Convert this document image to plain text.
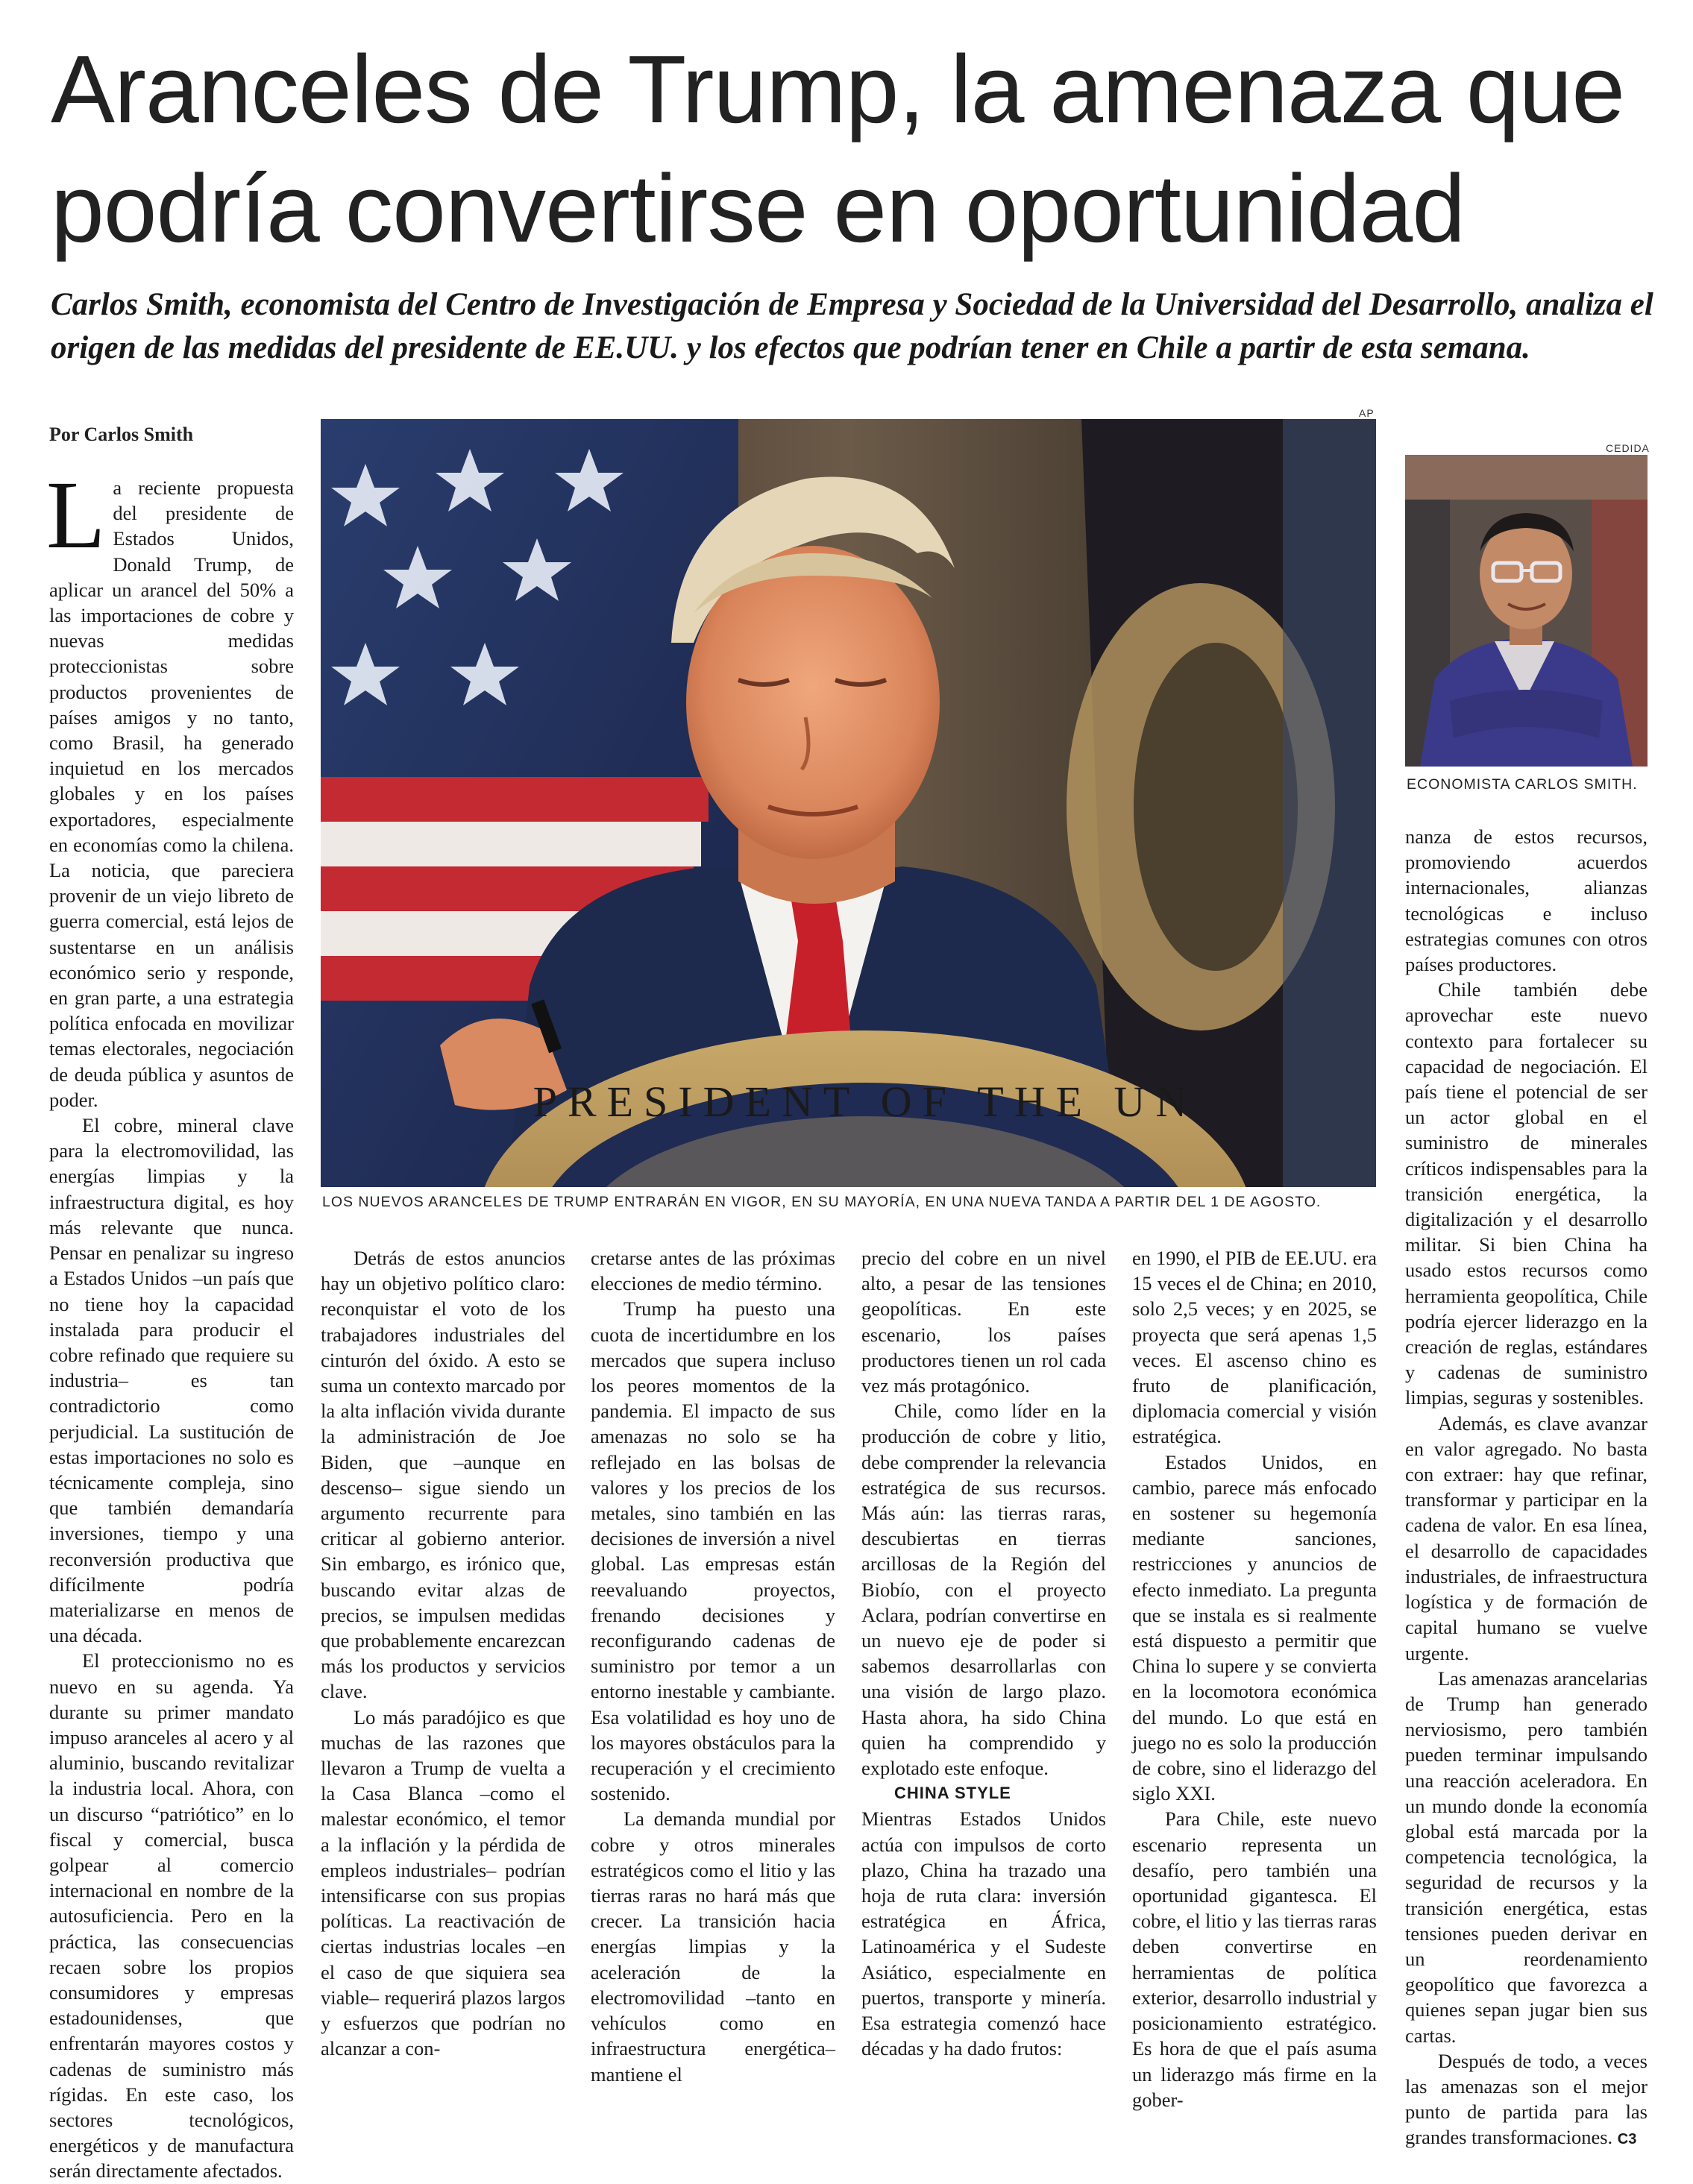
Aranceles de Trump, la amenaza que podría convertirse en oportunidad

Carlos Smith, economista del Centro de Investigación de Empresa y Sociedad de la Universidad del Desarrollo, analiza el origen de las medidas del presidente de EE.UU. y los efectos que podrían tener en Chile a partir de esta semana.

Por Carlos Smith

AP
PRESIDENT OF THE UN
LOS NUEVOS ARANCELES DE TRUMP ENTRARÁN EN VIGOR, EN SU MAYORÍA, EN UNA NUEVA TANDA A PARTIR DEL 1 DE AGOSTO.
CEDIDA
ECONOMISTA CARLOS SMITH.

La reciente propuesta del presidente de Estados Unidos, Donald Trump, de aplicar un arancel del 50% a las importaciones de cobre y nuevas medidas proteccionistas sobre productos provenientes de países amigos y no tanto, como Brasil, ha generado inquietud en los mercados globales y en los países exportadores, especialmente en economías como la chilena. La noticia, que pareciera provenir de un viejo libreto de guerra comercial, está lejos de sustentarse en un análisis económico serio y responde, en gran parte, a una estrategia política enfocada en movilizar temas electorales, negociación de deuda pública y asuntos de poder.

El cobre, mineral clave para la electromovilidad, las energías limpias y la infraestructura digital, es hoy más relevante que nunca. Pensar en penalizar su ingreso a Estados Unidos –un país que no tiene hoy la capacidad instalada para producir el cobre refinado que requiere su industria– es tan contradictorio como perjudicial. La sustitución de estas importaciones no solo es técnicamente compleja, sino que también demandaría inversiones, tiempo y una reconversión productiva que difícilmente podría materializarse en menos de una década.

El proteccionismo no es nuevo en su agenda. Ya durante su primer mandato impuso aranceles al acero y al aluminio, buscando revitalizar la industria local. Ahora, con un discurso “patriótico” en lo fiscal y comercial, busca golpear al comercio internacional en nombre de la autosuficiencia. Pero en la práctica, las consecuencias recaen sobre los propios consumidores y empresas estadounidenses, que enfrentarán mayores costos y cadenas de suministro más rígidas. En este caso, los sectores tecnológicos, energéticos y de manufactura serán directamente afectados.

Detrás de estos anuncios hay un objetivo político claro: reconquistar el voto de los trabajadores industriales del cinturón del óxido. A esto se suma un contexto marcado por la alta inflación vivida durante la administración de Joe Biden, que –aunque en descenso– sigue siendo un argumento recurrente para criticar al gobierno anterior. Sin embargo, es irónico que, buscando evitar alzas de precios, se impulsen medidas que probablemente encarezcan más los productos y servicios clave.

Lo más paradójico es que muchas de las razones que llevaron a Trump de vuelta a la Casa Blanca –como el malestar económico, el temor a la inflación y la pérdida de empleos industriales– podrían intensificarse con sus propias políticas. La reactivación de ciertas industrias locales –en el caso de que siquiera sea viable– requerirá plazos largos y esfuerzos que podrían no alcanzar a con-

cretarse antes de las próximas elecciones de medio término.

Trump ha puesto una cuota de incertidumbre en los mercados que supera incluso los peores momentos de la pandemia. El impacto de sus amenazas no solo se ha reflejado en las bolsas de valores y los precios de los metales, sino también en las decisiones de inversión a nivel global. Las empresas están reevaluando proyectos, frenando decisiones y reconfigurando cadenas de suministro por temor a un entorno inestable y cambiante. Esa volatilidad es hoy uno de los mayores obstáculos para la recuperación y el crecimiento sostenido.

La demanda mundial por cobre y otros minerales estratégicos como el litio y las tierras raras no hará más que crecer. La transición hacia energías limpias y la aceleración de la electromovilidad –tanto en vehículos como en infraestructura energética– mantiene el

precio del cobre en un nivel alto, a pesar de las tensiones geopolíticas. En este escenario, los países productores tienen un rol cada vez más protagónico.

Chile, como líder en la producción de cobre y litio, debe comprender la relevancia estratégica de sus recursos. Más aún: las tierras raras, descubiertas en tierras arcillosas de la Región del Biobío, con el proyecto Aclara, podrían convertirse en un nuevo eje de poder si sabemos desarrollarlas con una visión de largo plazo. Hasta ahora, ha sido China quien ha comprendido y explotado este enfoque.

CHINA STYLE

Mientras Estados Unidos actúa con impulsos de corto plazo, China ha trazado una hoja de ruta clara: inversión estratégica en África, Latinoamérica y el Sudeste Asiático, especialmente en puertos, transporte y minería. Esa estrategia comenzó hace décadas y ha dado frutos:

en 1990, el PIB de EE.UU. era 15 veces el de China; en 2010, solo 2,5 veces; y en 2025, se proyecta que será apenas 1,5 veces. El ascenso chino es fruto de planificación, diplomacia comercial y visión estratégica.

Estados Unidos, en cambio, parece más enfocado en sostener su hegemonía mediante sanciones, restricciones y anuncios de efecto inmediato. La pregunta que se instala es si realmente está dispuesto a permitir que China lo supere y se convierta en la locomotora económica del mundo. Lo que está en juego no es solo la producción de cobre, sino el liderazgo del siglo XXI.

Para Chile, este nuevo escenario representa un desafío, pero también una oportunidad gigantesca. El cobre, el litio y las tierras raras deben convertirse en herramientas de política exterior, desarrollo industrial y posicionamiento estratégico. Es hora de que el país asuma un liderazgo más firme en la gober-

nanza de estos recursos, promoviendo acuerdos internacionales, alianzas tecnológicas e incluso estrategias comunes con otros países productores.

Chile también debe aprovechar este nuevo contexto para fortalecer su capacidad de negociación. El país tiene el potencial de ser un actor global en el suministro de minerales críticos indispensables para la transición energética, la digitalización y el desarrollo militar. Si bien China ha usado estos recursos como herramienta geopolítica, Chile podría ejercer liderazgo en la creación de reglas, estándares y cadenas de suministro limpias, seguras y sostenibles.

Además, es clave avanzar en valor agregado. No basta con extraer: hay que refinar, transformar y participar en la cadena de valor. En esa línea, el desarrollo de capacidades industriales, de infraestructura logística y de formación de capital humano se vuelve urgente.

Las amenazas arancelarias de Trump han generado nerviosismo, pero también pueden terminar impulsando una reacción aceleradora. En un mundo donde la economía global está marcada por la competencia tecnológica, la seguridad de recursos y la transición energética, estas tensiones pueden derivar en un reordenamiento geopolítico que favorezca a quienes sepan jugar bien sus cartas.

Después de todo, a veces las amenazas son el mejor punto de partida para las grandes transformaciones. C3
